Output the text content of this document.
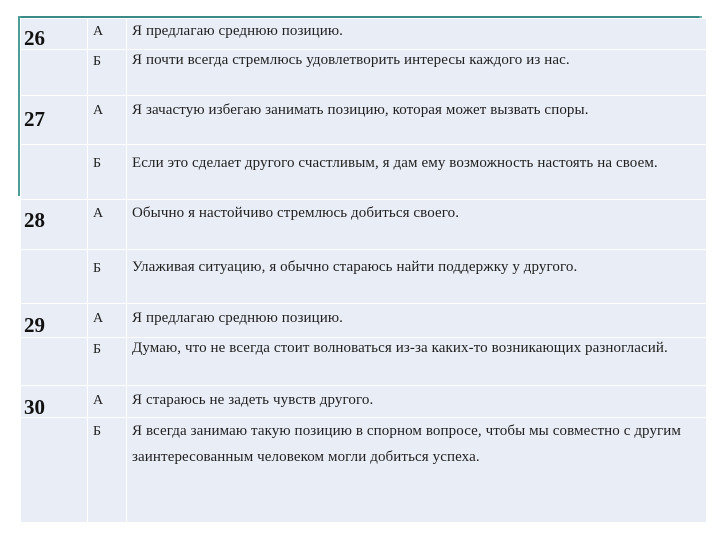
26	А Я предлагаю среднюю позицию.
Б Я почти всегда стремлюсь удовлетворить интересы каждого из нас.
27	А Я зачастую избегаю занимать позицию, которая может вызвать споры.
Б Если это сделает другого счастливым, я дам ему возможность настоять на своем.
28	А Обычно я настойчиво стремлюсь добиться своего.
Б Улаживая ситуацию, я обычно стараюсь найти поддержку у другого.
29	А Я предлагаю среднюю позицию.
Б Думаю, что не всегда стоит волноваться из-за каких-то возникающих разногласий.
30	А Я стараюсь не задеть чувств другого.
Б Я всегда занимаю такую позицию в спорном вопросе, чтобы мы совместно с другим
заинтересованным человеком могли добиться успеха.
